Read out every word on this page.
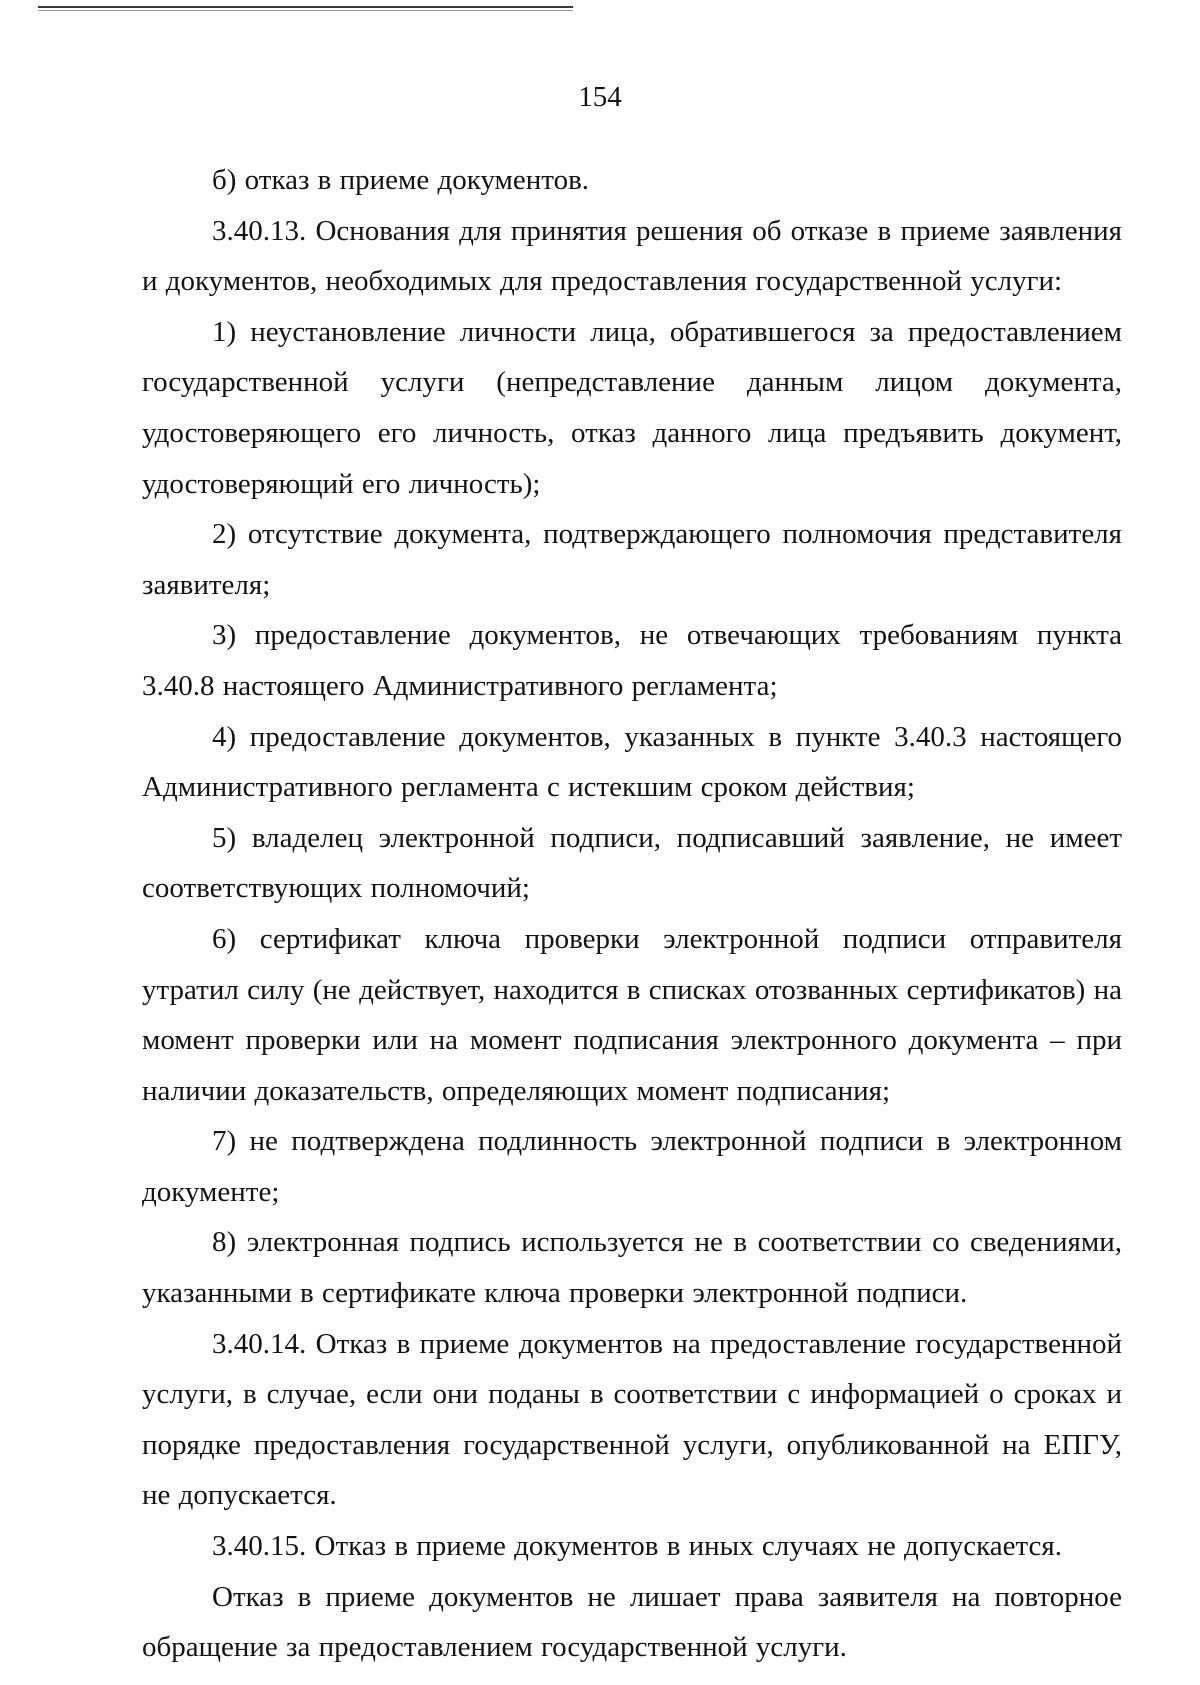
154

б) отказ в приеме документов.

3.40.13. Основания для принятия решения об отказе в приеме заявления и документов, необходимых для предоставления государственной услуги:

1) неустановление личности лица, обратившегося за предоставлением государственной услуги (непредставление данным лицом документа, удостоверяющего его личность, отказ данного лица предъявить документ, удостоверяющий его личность);

2) отсутствие документа, подтверждающего полномочия представителя заявителя;

3) предоставление документов, не отвечающих требованиям пункта 3.40.8 настоящего Административного регламента;

4) предоставление документов, указанных в пункте 3.40.3 настоящего Административного регламента с истекшим сроком действия;

5) владелец электронной подписи, подписавший заявление, не имеет соответствующих полномочий;

6) сертификат ключа проверки электронной подписи отправителя утратил силу (не действует, находится в списках отозванных сертификатов) на момент проверки или на момент подписания электронного документа – при наличии доказательств, определяющих момент подписания;

7) не подтверждена подлинность электронной подписи в электронном документе;

8) электронная подпись используется не в соответствии со сведениями, указанными в сертификате ключа проверки электронной подписи.

3.40.14. Отказ в приеме документов на предоставление государственной услуги, в случае, если они поданы в соответствии с информацией о сроках и порядке предоставления государственной услуги, опубликованной на ЕПГУ, не допускается.

3.40.15. Отказ в приеме документов в иных случаях не допускается.

Отказ в приеме документов не лишает права заявителя на повторное обращение за предоставлением государственной услуги.
